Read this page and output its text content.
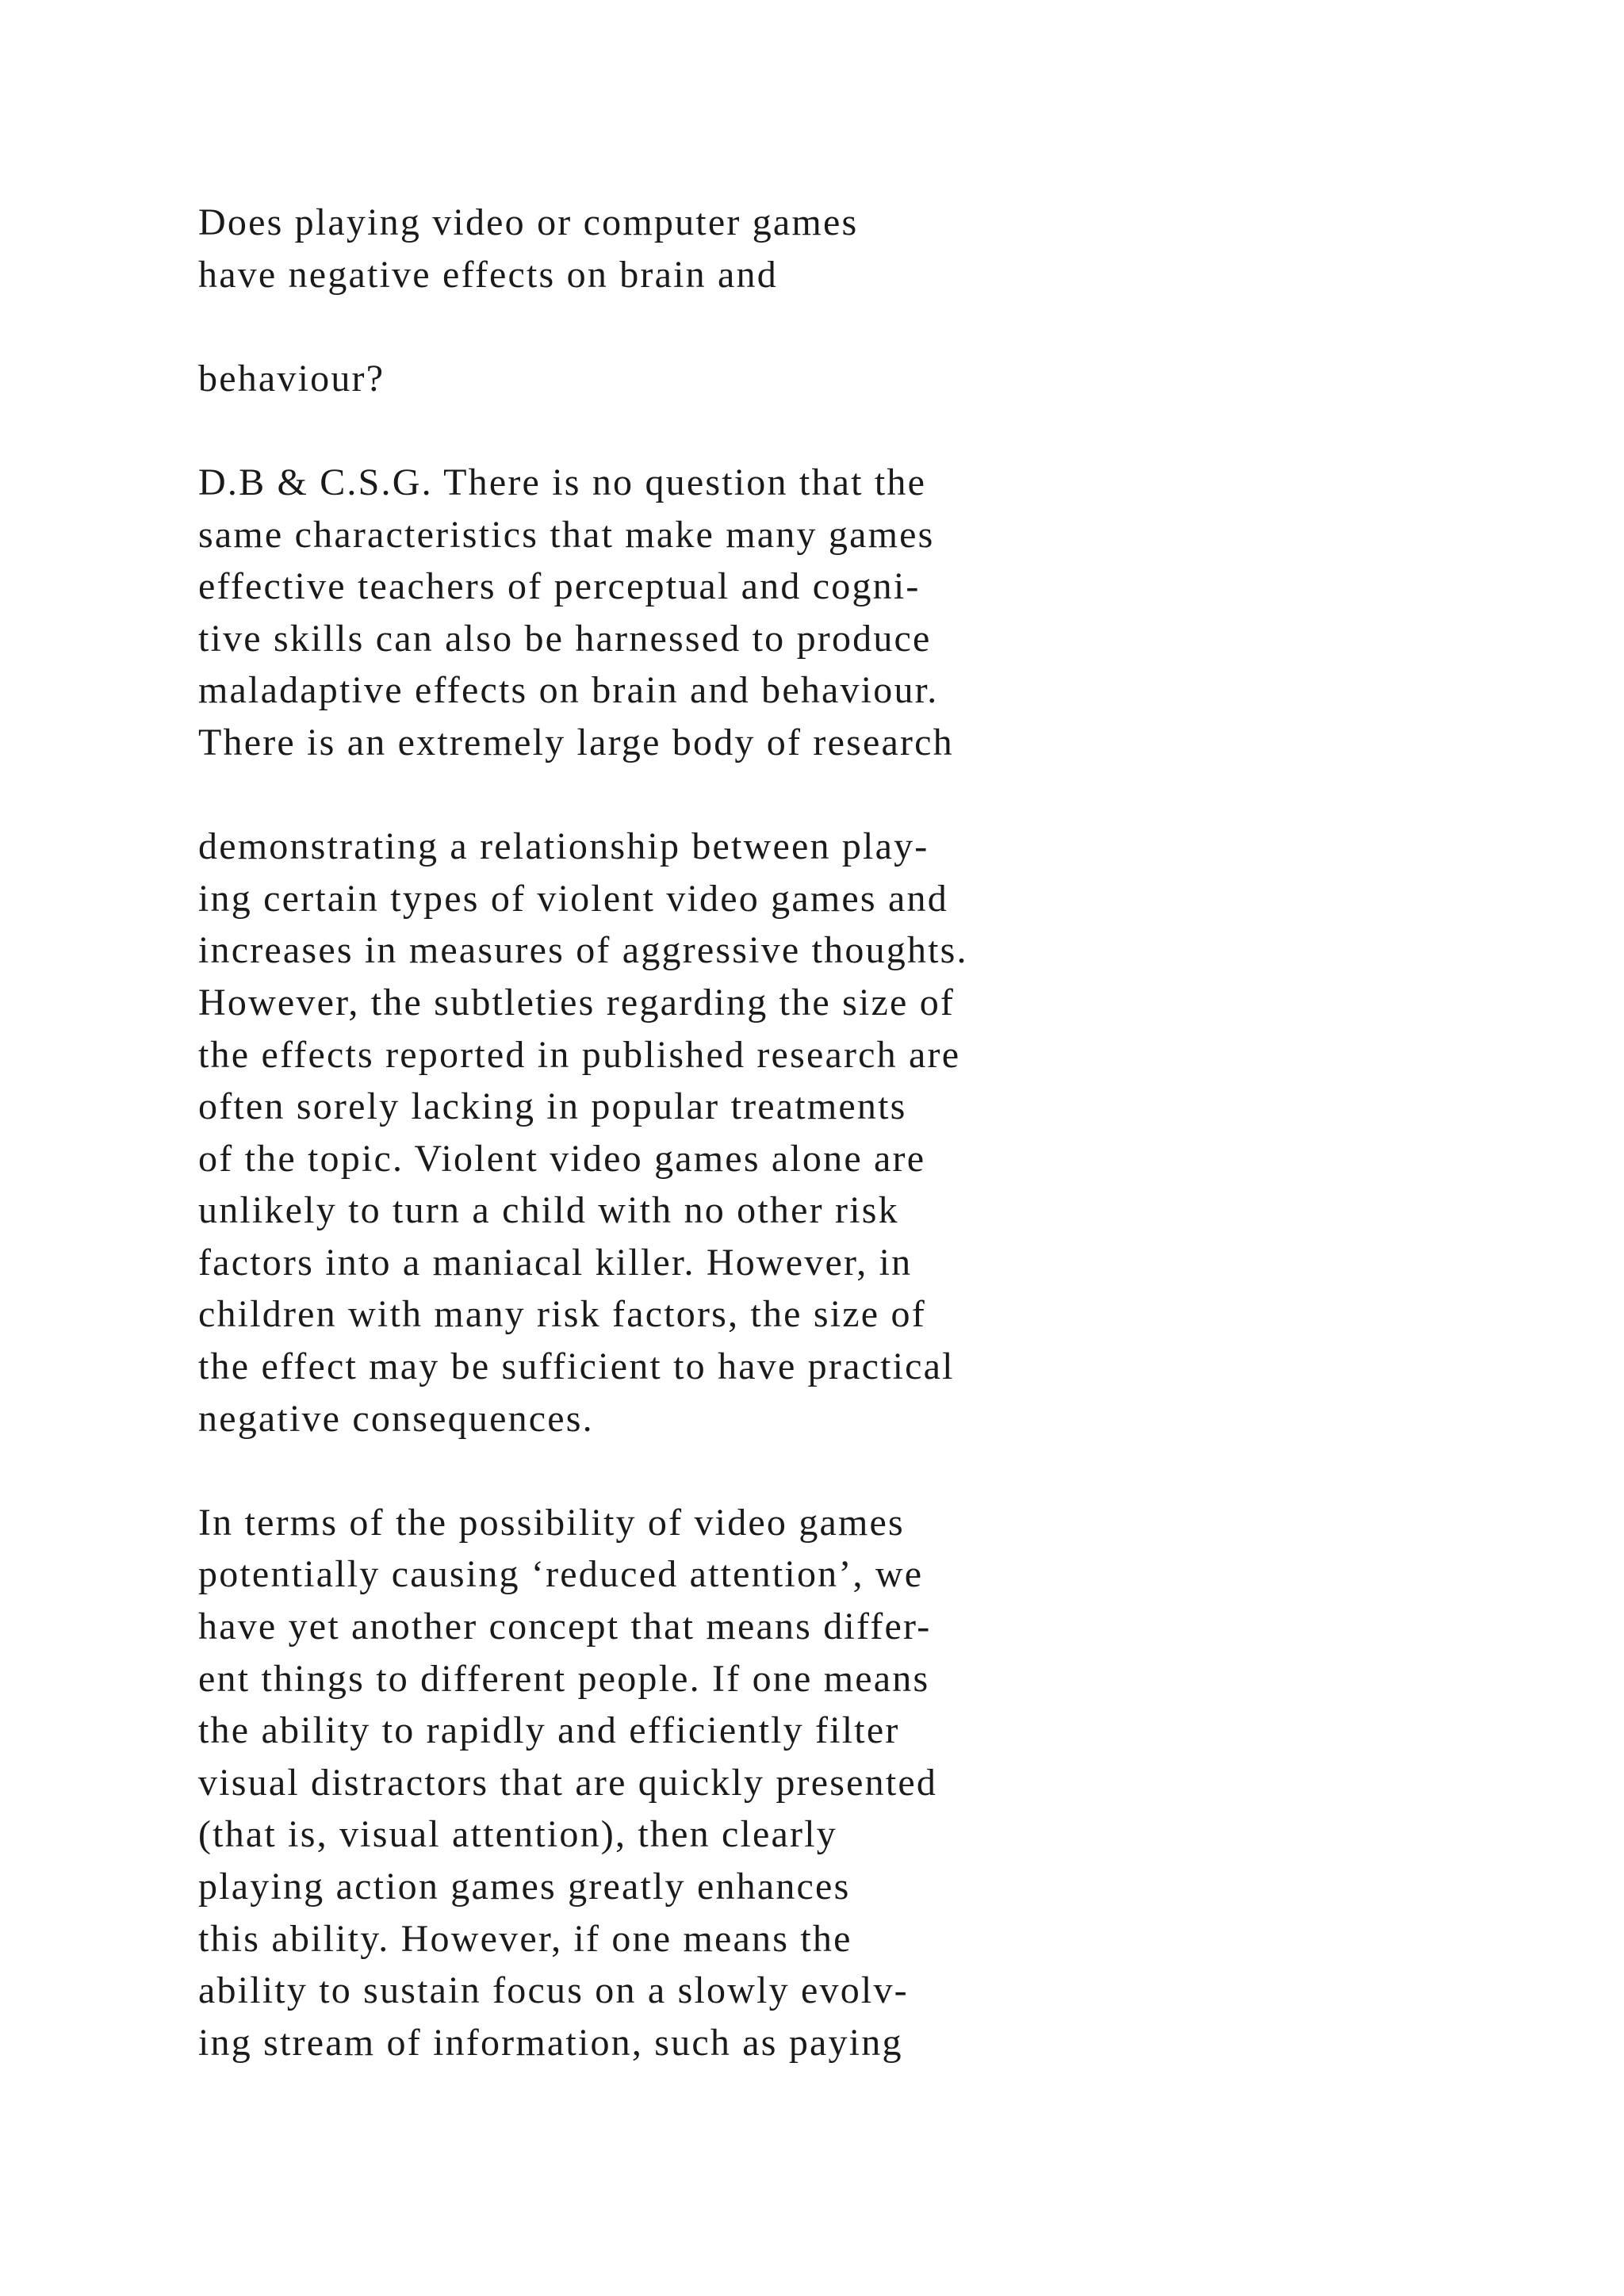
Does playing video or computer games
have negative effects on brain and
behaviour?
D.B & C.S.G. There is no question that the
same characteristics that make many games
effective teachers of perceptual and cogni-
tive skills can also be harnessed to produce
maladaptive effects on brain and behaviour.
There is an extremely large body of research
demonstrating a relationship between play-
ing certain types of violent video games and
increases in measures of aggressive thoughts.
However, the subtleties regarding the size of
the effects reported in published research are
often sorely lacking in popular treatments
of the topic. Violent video games alone are
unlikely to turn a child with no other risk
factors into a maniacal killer. However, in
children with many risk factors, the size of
the effect may be sufficient to have practical
negative consequences.
In terms of the possibility of video games
potentially causing ‘reduced attention’, we
have yet another concept that means differ-
ent things to different people. If one means
the ability to rapidly and efficiently filter
visual distractors that are quickly presented
(that is, visual attention), then clearly
playing action games greatly enhances
this ability. However, if one means the
ability to sustain focus on a slowly evolv-
ing stream of information, such as paying
